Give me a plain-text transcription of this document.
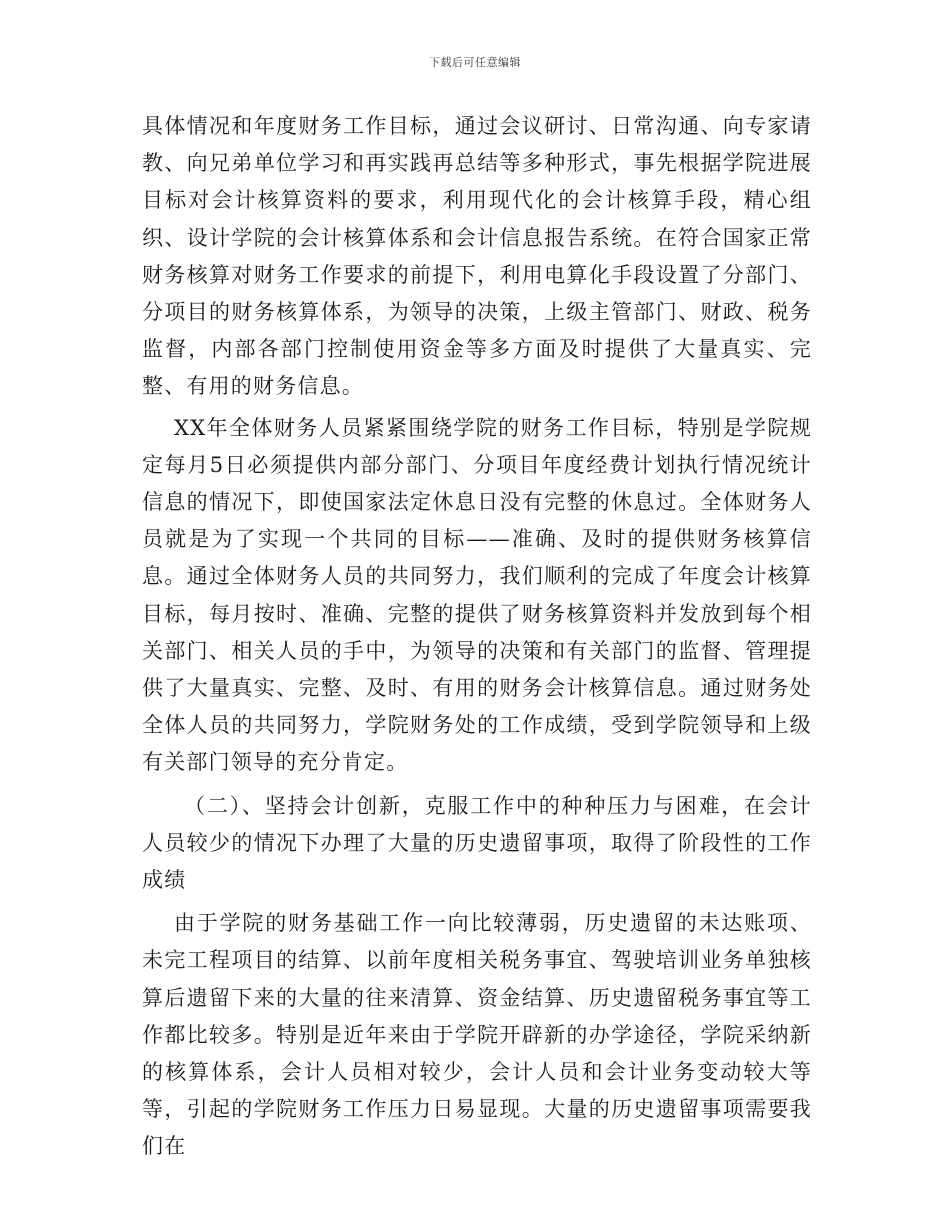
下载后可任意编辑

具体情况和年度财务工作目标，通过会议研讨、日常沟通、向专家请教、向兄弟单位学习和再实践再总结等多种形式，事先根据学院进展目标对会计核算资料的要求，利用现代化的会计核算手段，精心组织、设计学院的会计核算体系和会计信息报告系统。在符合国家正常财务核算对财务工作要求的前提下，利用电算化手段设置了分部门、分项目的财务核算体系，为领导的决策，上级主管部门、财政、税务监督，内部各部门控制使用资金等多方面及时提供了大量真实、完整、有用的财务信息。

XX年全体财务人员紧紧围绕学院的财务工作目标，特别是学院规定每月5日必须提供内部分部门、分项目年度经费计划执行情况统计信息的情况下，即使国家法定休息日没有完整的休息过。全体财务人员就是为了实现一个共同的目标——准确、及时的提供财务核算信息。通过全体财务人员的共同努力，我们顺利的完成了年度会计核算目标，每月按时、准确、完整的提供了财务核算资料并发放到每个相关部门、相关人员的手中，为领导的决策和有关部门的监督、管理提供了大量真实、完整、及时、有用的财务会计核算信息。通过财务处全体人员的共同努力，学院财务处的工作成绩，受到学院领导和上级有关部门领导的充分肯定。

（二）、坚持会计创新，克服工作中的种种压力与困难，在会计人员较少的情况下办理了大量的历史遗留事项，取得了阶段性的工作成绩

由于学院的财务基础工作一向比较薄弱，历史遗留的未达账项、未完工程项目的结算、以前年度相关税务事宜、驾驶培训业务单独核算后遗留下来的大量的往来清算、资金结算、历史遗留税务事宜等工作都比较多。特别是近年来由于学院开辟新的办学途径，学院采纳新的核算体系，会计人员相对较少，会计人员和会计业务变动较大等等，引起的学院财务工作压力日易显现。大量的历史遗留事项需要我们在
